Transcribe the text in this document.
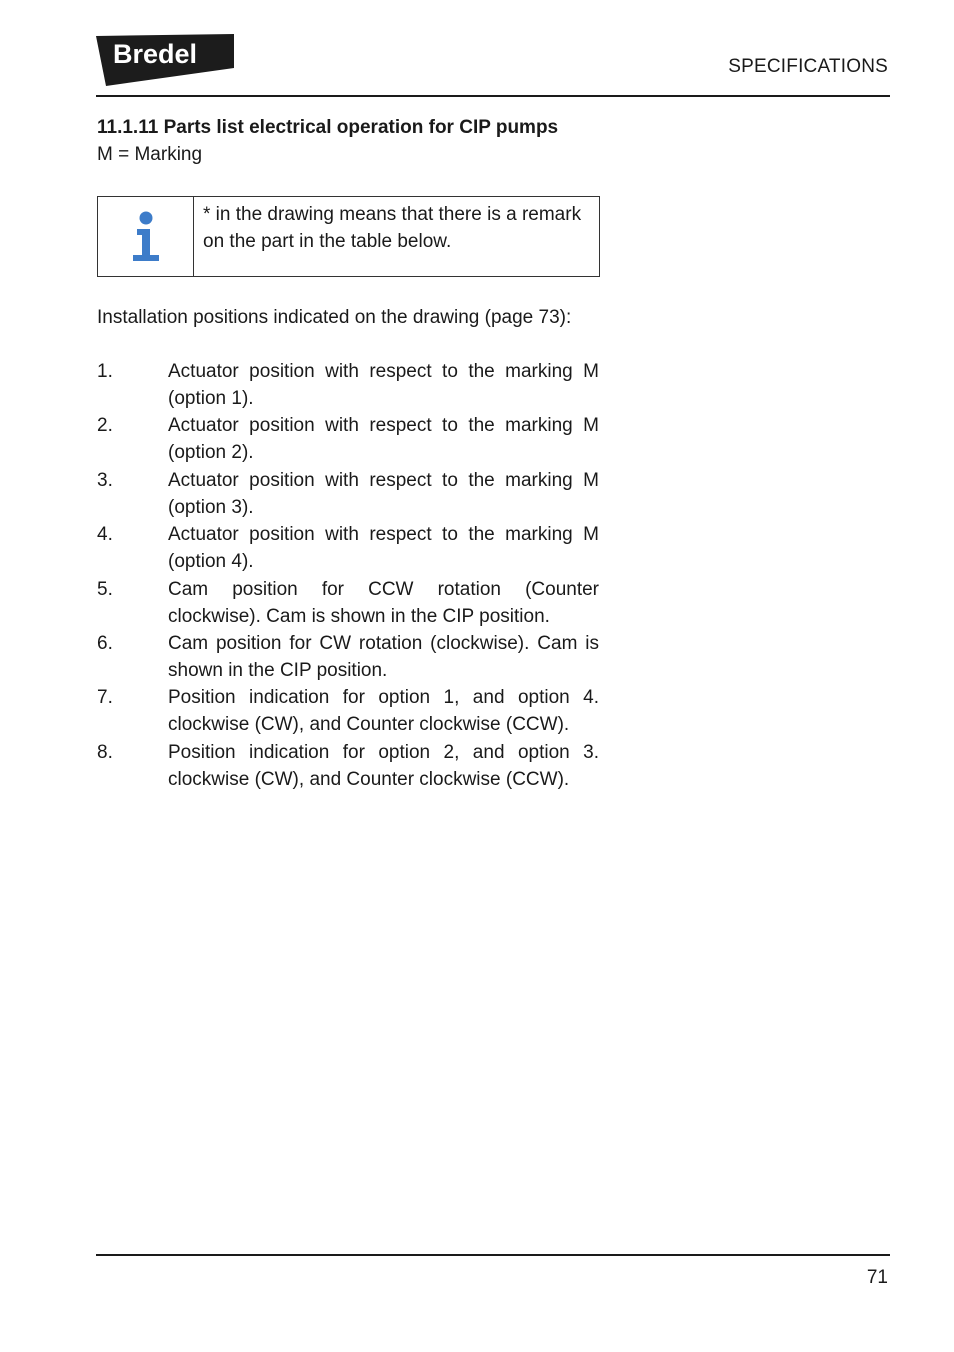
Bredel	SPECIFICATIONS
11.1.11 Parts list electrical operation for CIP pumps
M = Marking
* in the drawing means that there is a remark on the part in the table below.
Installation positions indicated on the drawing (page 73):
1.	Actuator position with respect to the marking M (option 1).
2.	Actuator position with respect to the marking M (option 2).
3.	Actuator position with respect to the marking M (option 3).
4.	Actuator position with respect to the marking M (option 4).
5.	Cam position for CCW rotation (Counter clockwise). Cam is shown in the CIP position.
6.	Cam position for CW rotation (clockwise). Cam is shown in the CIP position.
7.	Position indication for option 1, and option 4. clockwise (CW), and Counter clockwise (CCW).
8.	Position indication for option 2, and option 3. clockwise (CW), and Counter clockwise (CCW).
71
